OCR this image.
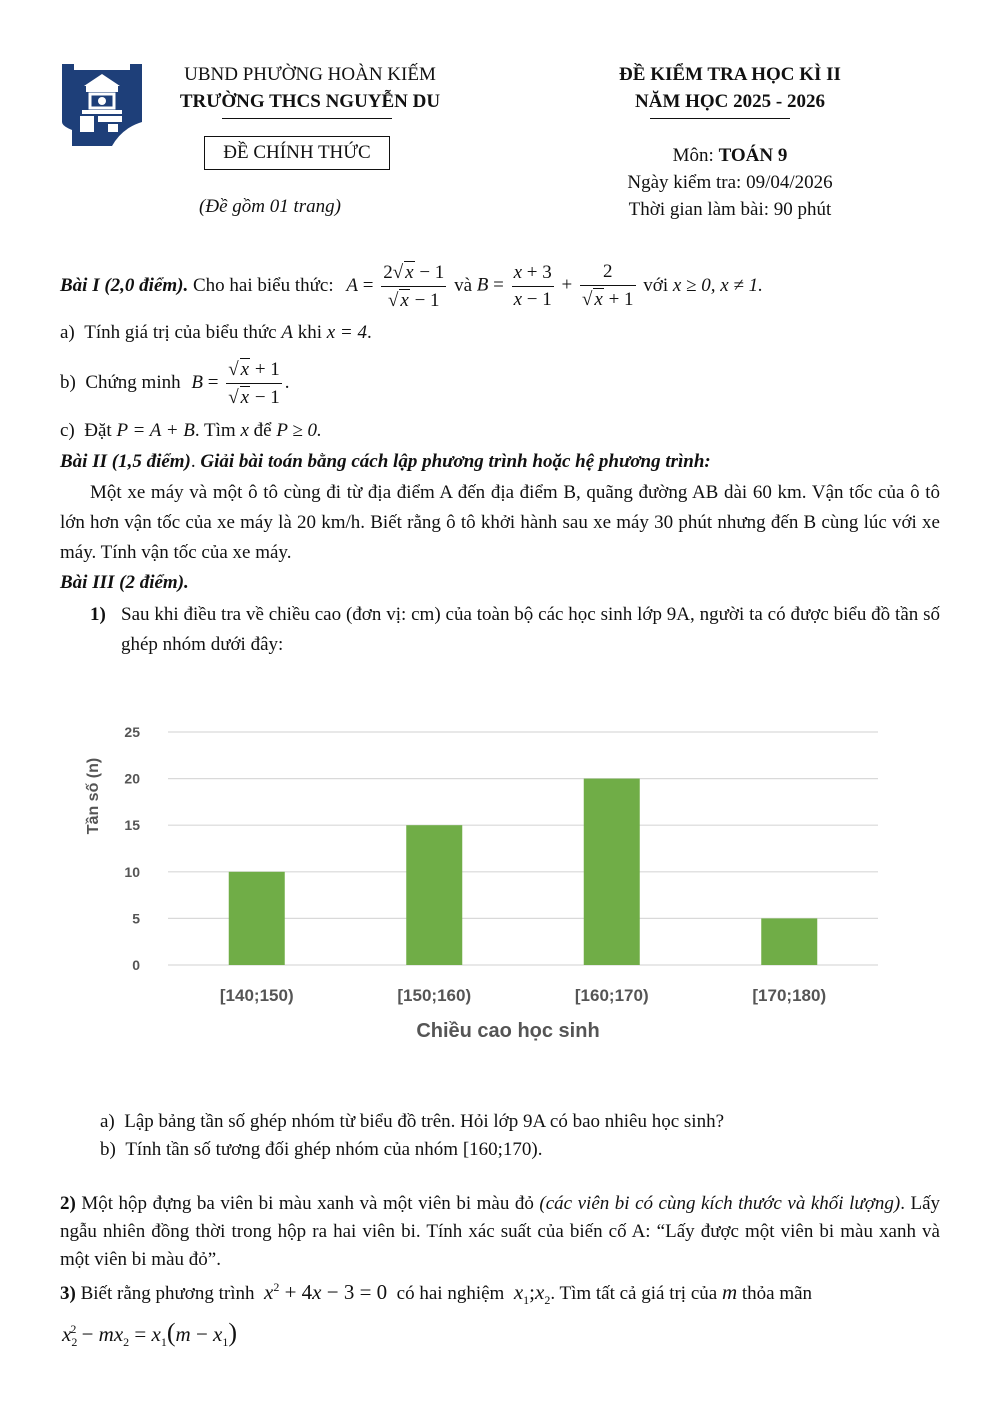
UBND PHƯỜNG HOÀN KIẾM
TRƯỜNG THCS NGUYỄN DU
ĐỀ KIỂM TRA HỌC KÌ II
NĂM HỌC 2025 - 2026
ĐỀ CHÍNH THỨC
(Đề gồm 01 trang)
Môn: TOÁN 9
Ngày kiểm tra: 09/04/2026
Thời gian làm bài: 90 phút
Bài I (2,0 điểm). Cho hai biểu thức: $A = \frac{2√ x - 1}{√ x - 1}$ và $B = \frac{x + 3}{x - 1} + \frac{2}{√ x + 1}$ với x ≥ 0, x ≠ 1.
a) Tính giá trị của biểu thức A khi x = 4.
b)
Chứng minh $B = \frac{√ x + 1}{√ x - 1}$ .
c) Đặt P = A + B. Tìm x để P ≥ 0.
Bài II (1,5 điểm). Giải bài toán bằng cách lập phương trình hoặc hệ phương trình:
Một xe máy và một ô tô cùng đi từ địa điểm A đến địa điểm B, quãng đường AB dài 60 km. Vận tốc của ô tô lớn hơn vận tốc của xe máy là 20 km/h. Biết rằng ô tô khởi hành sau xe máy 30 phút nhưng đến B cùng lúc với xe máy. Tính vận tốc của xe máy.
Bài III (2 điểm).
1) Sau khi điều tra về chiều cao (đơn vị: cm) của toàn bộ các học sinh lớp 9A, người ta có được biểu đồ tần số ghép nhóm dưới đây:
0
5
10
15
20
25
[140;150)	[150;160)	[160;170)	[170;180)
Tần số (n)
Chiều cao học sinh
a) Lập bảng tần số ghép nhóm từ biểu đồ trên. Hỏi lớp 9A có bao nhiêu học sinh?
b) Tính tần số tương đối ghép nhóm của nhóm [160;170).
2) Một hộp đựng ba viên bi màu xanh và một viên bi màu đỏ (các viên bi có cùng kích thước và khối lượng). Lấy ngẫu nhiên đồng thời trong hộp ra hai viên bi. Tính xác suất của biến cố A: “Lấy được một viên bi màu xanh và một viên bi màu đỏ”.
3) Biết rằng phương trình  $x^2 + 4x - 3 = 0$  có hai nghiệm  $x_1;x_2$. Tìm tất cả giá trị của m thỏa mãn
$x_2^2 - mx_2 = x_1(m - x_1)$
